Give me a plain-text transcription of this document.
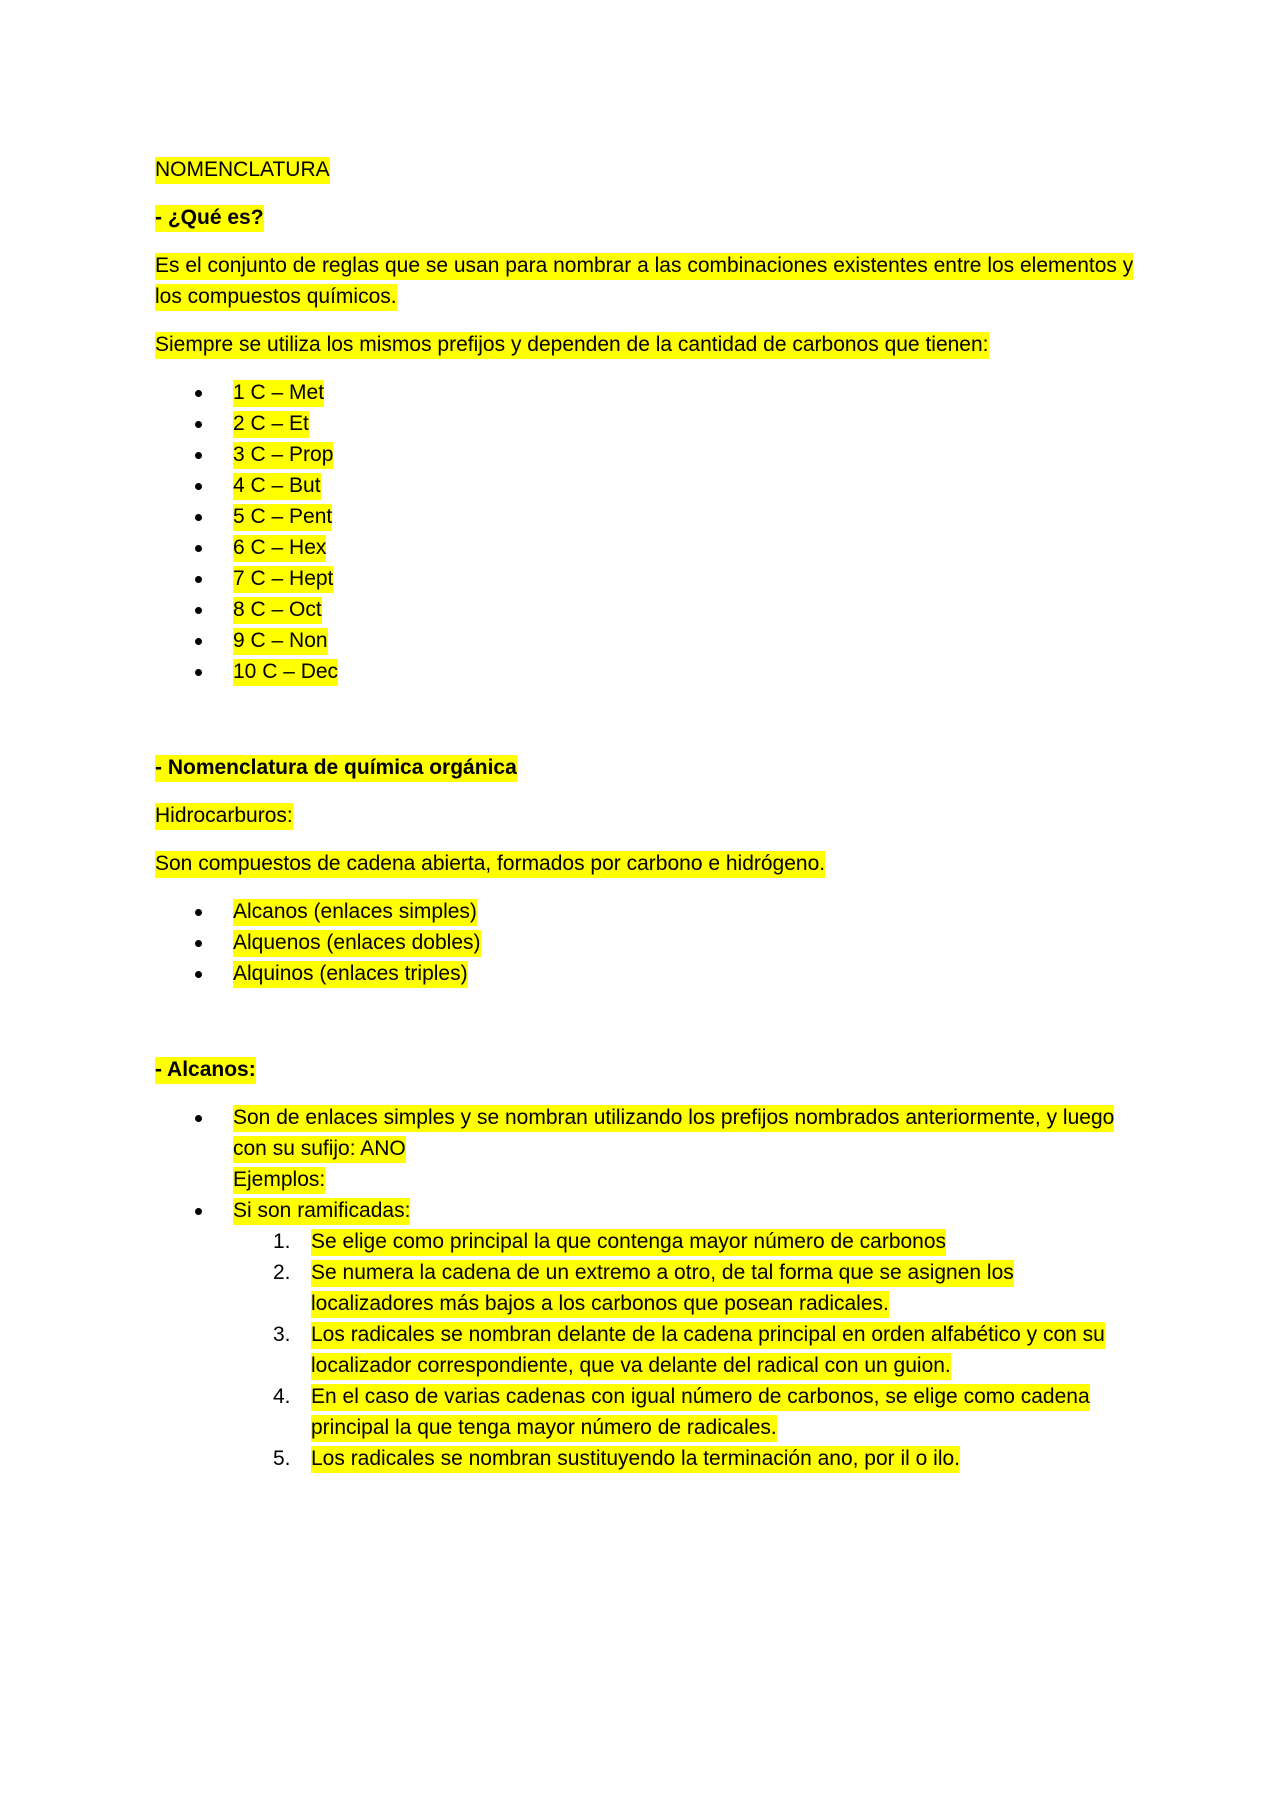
NOMENCLATURA

- ¿Qué es?

Es el conjunto de reglas que se usan para nombrar a las combinaciones existentes entre los elementos y los compuestos químicos.

Siempre se utiliza los mismos prefijos y dependen de la cantidad de carbonos que tienen:

1 C – Met
2 C – Et
3 C – Prop
4 C – But
5 C – Pent
6 C – Hex
7 C – Hept
8 C – Oct
9 C – Non
10 C – Dec

- Nomenclatura de química orgánica

Hidrocarburos:

Son compuestos de cadena abierta, formados por carbono e hidrógeno.

Alcanos (enlaces simples)
Alquenos (enlaces dobles)
Alquinos (enlaces triples)

- Alcanos:

Son de enlaces simples y se nombran utilizando los prefijos nombrados anteriormente, y luego con su sufijo: ANO
Ejemplos:
Si son ramificadas:
1. Se elige como principal la que contenga mayor número de carbonos
2. Se numera la cadena de un extremo a otro, de tal forma que se asignen los localizadores más bajos a los carbonos que posean radicales.
3. Los radicales se nombran delante de la cadena principal en orden alfabético y con su localizador correspondiente, que va delante del radical con un guion.
4. En el caso de varias cadenas con igual número de carbonos, se elige como cadena principal la que tenga mayor número de radicales.
5. Los radicales se nombran sustituyendo la terminación ano, por il o ilo.
